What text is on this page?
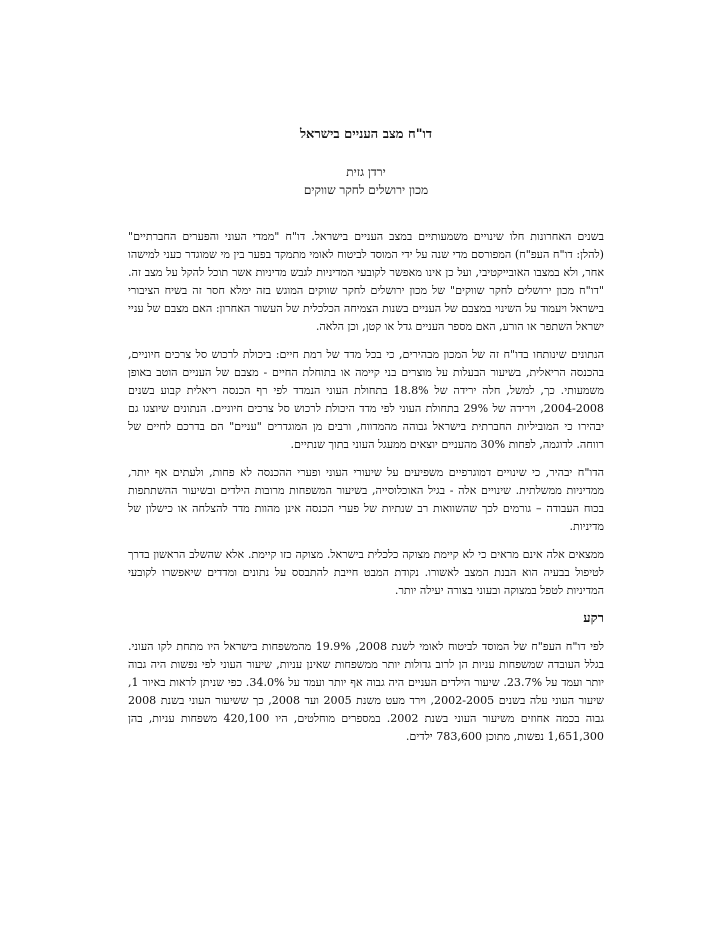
דו"ח מצב העניים בישראל

ירדן גזית

מכון ירושלים לחקר שווקים

בשנים האחרונות חלו שינויים משמעותיים במצב העניים בישראל. דו"ח "ממדי העוני והפערים החברתיים" (להלן: דו"ח העפ"ח) המפורסם מדי שנה על ידי המוסד לביטוח לאומי מתמקד בפער בין מי שמוגדר כעני למישהו אחר, ולא במצבו האובייקטיבי, ועל כן אינו מאפשר לקובעי המדיניות לגבש מדיניות אשר תוכל להקל על מצב זה. "דו"ח מכון ירושלים לחקר שווקים" של מכון ירושלים לחקר שווקים המוגש בזה ימלא חסר זה בשיח הציבורי בישראל ויעמוד על השינוי במצבם של העניים בשנות הצמיחה הכלכלית של העשור האחרון: האם מצבם של עניי ישראל השתפר או הורע, האם מספר העניים גדל או קטן, וכן הלאה.

הנתונים שינותחו בדו"ח זה של המכון מבהירים, כי בכל מדד של רמת חיים: ביכולת לרכוש סל צרכים חיוניים, בהכנסה הריאלית, בשיעור הבעלות על מוצרים בני קיימה או בתוחלת החיים - מצבם של העניים הוטב באופן משמעותי. כך, למשל, חלה ירידה של 18.8% בתחולת העוני הנמדד לפי רף הכנסה ריאלית קבוע בשנים 2004-2008, וירידה של 29% בתחולת העוני לפי מדד היכולת לרכוש סל צרכים חיוניים. הנתונים שיוצגו גם יבהירו כי המוביליות החברתית בישראל גבוהה מהמדווח, ורבים מן המוגדרים "עניים" הם בדרכם לחיים של רווחה. לדוגמה, לפחות 30% מהעניים יוצאים ממעגל העוני בתוך שנתיים.

הדו"ח יבהיר, כי שינויים דמוגרפיים משפיעים על שיעורי העוני ופערי ההכנסה לא פחות, ולעתים אף יותר, ממדיניות ממשלתית. שינויים אלה - בגיל האוכלוסייה, בשיעור המשפחות מרובות הילדים ובשיעור ההשתתפות בכוח העבודה – גורמים לכך שהשוואות רב שנתיות של פערי הכנסה אינן מהוות מדד להצלחה או כישלון של מדיניות.

ממצאים אלה אינם מראים כי לא קיימת מצוקה כלכלית בישראל. מצוקה כזו קיימת. אלא שהשלב הראשון בדרך לטיפול בבעיה הוא הבנת המצב לאשורו. נקודת המבט חייבת להתבסס על נתונים ומדדים שיאפשרו לקובעי המדיניות לטפל במצוקה ובעוני בצורה יעילה יותר.

רקע

לפי דו"ח העפ"ח של המוסד לביטוח לאומי לשנת 2008, 19.9% מהמשפחות בישראל היו מתחת לקו העוני. בגלל העובדה שמשפחות עניות הן לרוב גדולות יותר ממשפחות שאינן עניות, שיעור העוני לפי נפשות היה גבוה יותר ועמד על 23.7%. שיעור הילדים העניים היה גבוה אף יותר ועמד על 34.0%. כפי שניתן לראות באיור 1, שיעור העוני עלה בשנים 2002-2005, וירד מעט משנת 2005 ועד 2008, כך ששיעור העוני בשנת 2008 גבוה בכמה אחוזים משיעור העוני בשנת 2002. במספרים מוחלטים, היו 420,100 משפחות עניות, בהן 1,651,300 נפשות, מתוכן 783,600 ילדים.
